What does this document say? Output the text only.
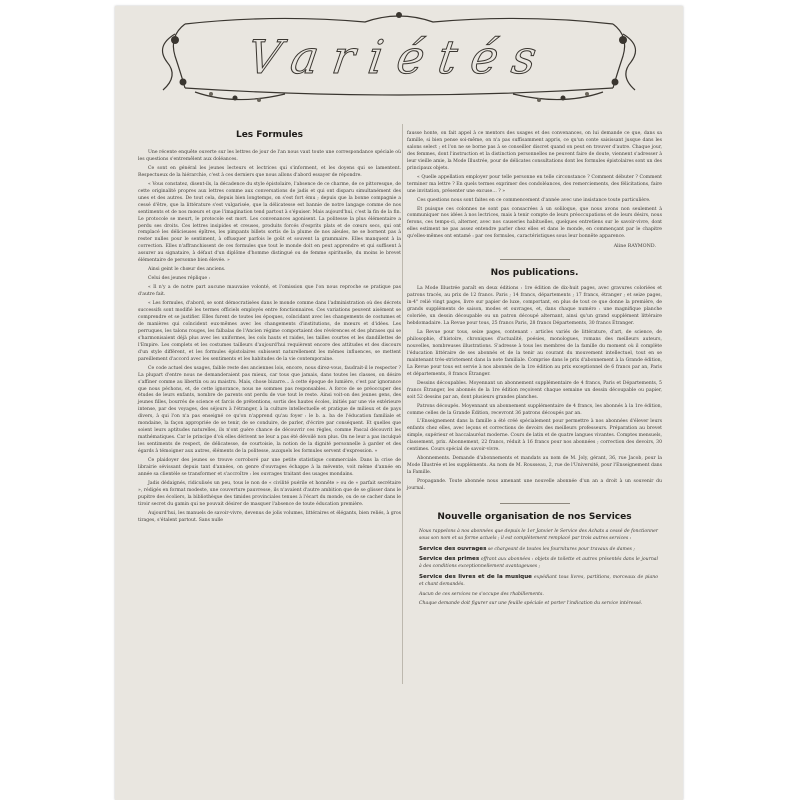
Variétés
Les Formules

Une récente enquête ouverte sur les lettres de jour de l'an nous vaut toute une correspondance spéciale où les questions s'entremêlent aux doléances.

Ce sont en général les jeunes lecteurs et lectrices qui s'informent, et les doyens qui se lamentent. Respectueux de la hiérarchie, c'est à ces derniers que nous allons d'abord essayer de répondre.

« Vous constatez, disent-ils, la décadence du style épistolaire, l'absence de ce charme, de ce pittoresque, de cette originalité propres aux lettres comme aux conversations de jadis et qui ont disparu simultanément des unes et des autres. De tout cela, depuis bien longtemps, on s'est fort ému ; depuis que la bonne compagnie a cessé d'être, que la littérature s'est vulgarisée, que la délicatesse est bannie de notre langage comme de nos sentiments et de nos mœurs et que l'imagination tend partout à s'épuiser. Mais aujourd'hui, c'est la fin de la fin. Le protocole se meurt, le protocole est mort. Les convenances agonisent. La politesse la plus élémentaire a perdu ses droits. Ces lettres insipides et creuses, produits forcés d'esprits plats et de cœurs secs, qui ont remplacé les délicieuses épîtres, les pimpants billets sortis de la plume de nos aïeules, ne se bornent pas à rester nulles pour le sentiment, à offusquer parfois le goût et souvent la grammaire. Elles manquent à la correction. Elles n'affranchissent de ces formules que tout le monde doit en peut apprendre et qui suffisent à assurer au signataire, à défaut d'un diplôme d'homme distingué ou de femme spirituelle, du moins le brevet élémentaire de personne bien élevée. »

Ainsi geint le chœur des anciens.

Celui des jeunes réplique :

« Il n'y a de notre part aucune mauvaise volonté, et l'omission que l'on nous reproche se pratique pas d'autre fait.

« Les formules, d'abord, se sont démocratisées dans le monde comme dans l'administration où des décrets successifs sont modifié les termes officiels employés entre fonctionnaires. Ces variations peuvent aisément se comprendre et se justifier. Elles furent de toutes les époques, coïncidant avec les changements de costumes et de manières qui coïncident eux-mêmes avec les changements d'institutions, de mœurs et d'idées. Les perruques, les talons rouges, les falbalas de l'Ancien régime comportaient des révérences et des phrases qui se s'harmonisaient déjà plus avec les uniformes, les cols hauts et raides, les tailles courtes et les dandillettes de l'Empire. Les complets et les costumes tailleurs d'aujourd'hui requièrent encore des attitudes et des discours d'un style différent, et les formules épistolaires subissent naturellement les mêmes influences, se mettent pareillement d'accord avec les sentiments et les habitudes de la vie contemporaine.

Ce code actuel des usages, faible reste des anciennes lois, encore, nous direz-vous, faudrait-il le respecter ? La plupart d'entre nous ne demanderaient pas mieux, car tous que jamais, dans toutes les classes, on désire s'affiner comme au libertin ou au maistru. Mais, chose bizarre… à cette époque de lumière, c'est par ignorance que nous péchons, et, de cette ignorance, nous ne sommes pas responsables. A force de se préoccuper des études de leurs enfants, nombre de parents ont perdu de vue tout le reste. Ainsi voit-on des jeunes gens, des jeunes filles, bourrés de science et farcis de prétentions, sortis des hautes écoles, initiés par une vie extérieure intense, par des voyages, des séjours à l'étranger, à la culture intellectuelle et pratique de milieux et de pays divers, à qui l'on n'a pas enseigné ce qu'on n'apprend qu'au foyer : le b. a. ba de l'éducation familiale et mondaine, la façon appropriée de se tenir, de se conduire, de parler, d'écrire par conséquent. Et quelles que soient leurs aptitudes naturelles, ils n'ont guère chance de découvrir ces règles, comme Pascal découvrit les mathématiques. Car le principe d'où elles dérivent ne leur a pas été dévoilé non plus. On ne leur a pas inculqué les sentiments de respect, de délicatesse, de courtoisie, la notion de la dignité personnelle à garder et des égards à témoigner aux autres, éléments de la politesse, auxquels les formules servent d'expression. »

Ce plaidoyer des jeunes se trouve corroboré par une petite statistique commerciale. Dans la crise de librairie sévissant depuis tant d'années, on genre d'ouvrages échappe à la mévente, voit même d'année en année sa clientèle se transformer et s'accroître : les ouvrages traitant des usages mondains.

Jadis dédaignés, ridiculisés un peu, tous le non de « civilité puérile et honnête » ou de « parfait secrétaire », rédigés en format modeste, une couverture pauvresse, ils n'avaient d'autre ambition que de se glisser dans le pupitre des écoliers, la bibliothèque des timides provinciales tenues à l'écart du monde, ou de se cacher dans le tiroir secret du gamin qui ne pouvait désirer de masquer l'absence de toute éducation première.

Aujourd'hui, les manuels de savoir-vivre, devenus de jolis volumes, littéraires et élégants, bien reliés, à gros tirages, s'étalent partout. Sans nulle

fausse honte, on fait appel à ce mentors des usages et des convenances, on lui demande ce que, dans sa famille, si bien pense soi-même, on n'a pas suffisamment appris, ce qu'un conte saisissant jusque dans les salons select ; et l'on ne se borne pas à se conseiller discret quand on peut en trouver d'autre. Chaque jour, des femmes, dont l'instruction et la distinction personnelles ne peuvent faire de doute, viennent s'adresser à leur vieille amie, la Mode Illustrée, pour de délicates consultations dont les formules épistolaires sont un des principaux objets.

« Quelle appellation employer pour telle personne en telle circonstance ? Comment débuter ? Comment terminer ma lettre ? En quels termes exprimer des condoléances, des remerciements, des félicitations, faire une invitation, présenter une excuse… ? »

Ces questions nous sont faites en ce commencement d'année avec une insistance toute particulière.

Et puisque ces colonnes ne sont pas consacrées à un soliloque, que nous avons non seulement à communiquer nos idées à nos lectrices, mais à tenir compte de leurs préoccupations et de leurs désirs, nous ferons, ces temps-ci, alterner, avec nos causeries habituelles, quelques entretiens sur le savoir-vivre, dont elles estiment ne pas assez entendre parler chez elles et dans le monde, en commençant par le chapitre qu'elles-mêmes ont entamé : par ces formules, caractéristiques sous leur bonnête apparence.

Aline RAYMOND.
Nos publications.

La Mode Illustrée paraît en deux éditions : 1re édition de dix-huit pages, avec gravures coloriées et patrons tracés, au prix de 12 francs. Paris ; 14 francs, départements ; 17 francs, étranger ; et seize pages, in-4° relié vingt pages, livre sur papier de luxe, comportant, en plus de tout ce que donne la première, de grands suppléments de saison, modes et ouvrages, et, dans chaque numéro : une magnifique planche coloriée, un dessin découpable ou un patron découpé alternant, ainsi qu'un grand supplément littéraire hebdomadaire. La Revue pour tous, 25 francs Paris, 28 francs Départements, 30 francs Étranger.

La Revue pour tous, seize pages, contenant : articles variés de littérature, d'art, de science, de philosophie, d'histoire, chroniques d'actualité, poésies, monologues, romans des meilleurs auteurs, nouvelles, nombreuses illustrations. S'adresse à tous les membres de la famille du moment où il complète l'éducation littéraire de ses abonnés et de la tenir au courant du mouvement intellectuel, tout en se maintenant très-strictement dans la note familiale. Comprise dans le prix d'abonnement à la Grande édition, La Revue pour tous est servie à nos abonnés de la 1re édition au prix exceptionnel de 6 francs par an, Paris et départements, 8 francs Étranger.

Dessins découpables. Moyennant un abonnement supplémentaire de 4 francs, Paris et Départements, 5 francs Étranger, les abonnés de la 1re édition reçoivent chaque semaine un dessin découpable ou papier, soit 52 dessins par an, dont plusieurs grandes planches.

Patrons découpés. Moyennant un abonnement supplémentaire de 4 francs, les abonnés à la 1re édition, comme celles de la Grande Édition, recevront 36 patrons découpés par an.

L'Enseignement dans la famille a été créé spécialement pour permettre à nos abonnées d'élever leurs enfants chez elles, avec leçons et corrections de devoirs des meilleurs professeurs. Préparation au brevet simple, supérieur et baccalauréat moderne. Cours de latin et de quatre langues vivantes. Comptes mensuels, classement, prix. Abonnement, 22 francs, réduit à 16 francs pour nos abonnées ; correction des devoirs, 30 centimes. Cours spécial de savoir-vivre.

Abonnements. Demande d'abonnements et mandats au nom de M. Joly, gérant, 36, rue Jacob, pour la Mode Illustrée et les suppléments. Au nom de M. Rousseau, 2, rue de l'Université, pour l'Enseignement dans la Famille.

Propagande. Toute abonnée nous amenant une nouvelle abonnée d'un an a droit à un souvenir du journal.

Nouvelle organisation de nos Services

Nous rappelons à nos abonnées que depuis le 1er Janvier le Service des Achats a cessé de fonctionner sous son nom et sa forme actuels ; il est complètement remplacé par trois autres services :

Service des ouvrages se chargeant de toutes les fournitures pour travaux de dames ;

Service des primes offrant aux abonnées : objets de toilette et autres présentés dans le journal à des conditions exceptionnellement avantageuses ;

Service des livres et de la musique expédiant tous livres, partitions, morceaux de piano et chant demandés.

Aucun de ces services ne s'occupe des rhabillements.

Chaque demande doit figurer sur une feuille spéciale et porter l'indication du service intéressé.
